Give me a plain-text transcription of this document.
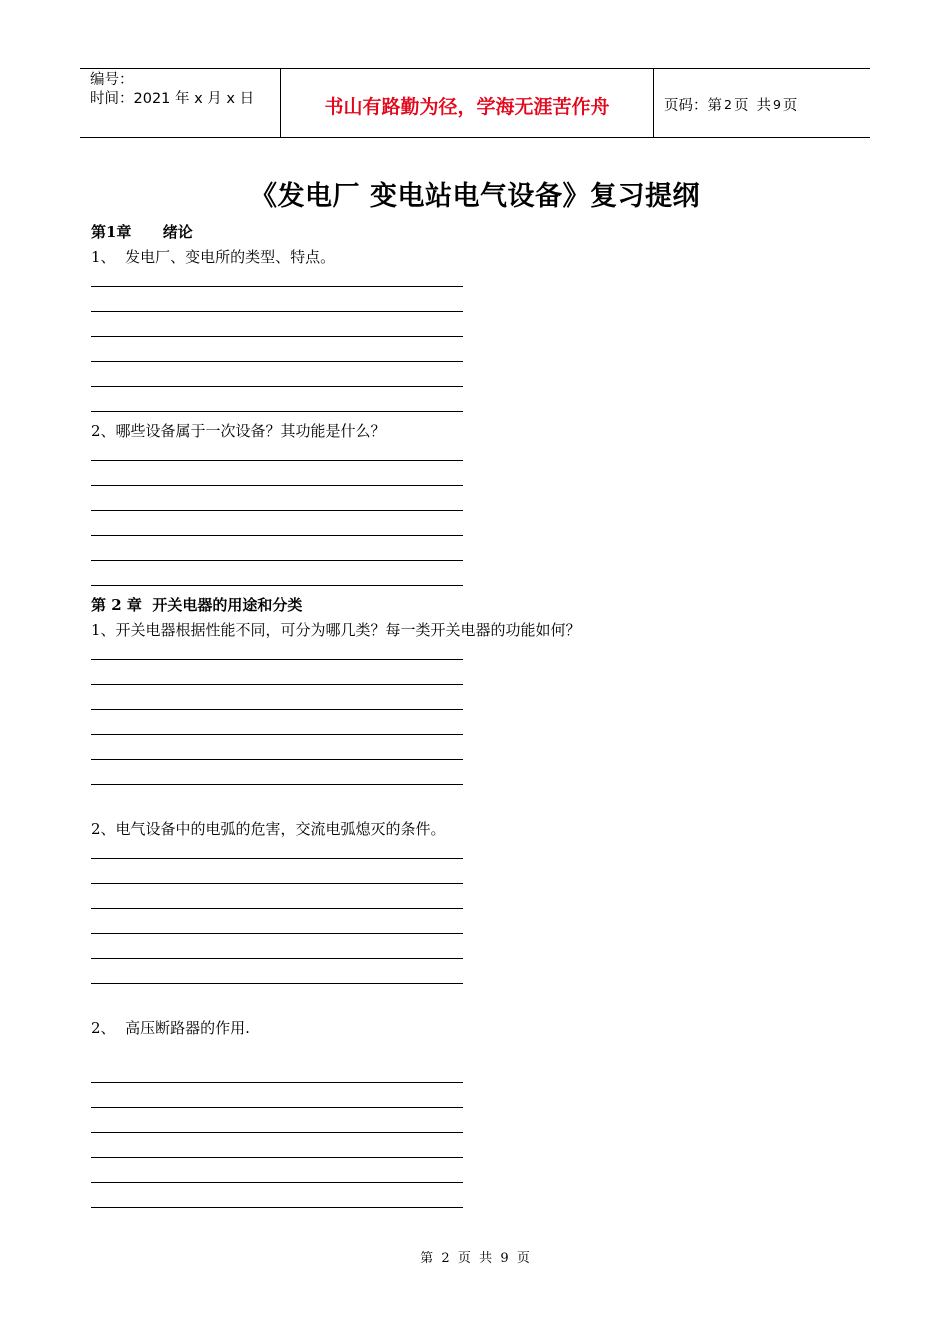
编号：
时间：2021 年 x 月 x 日	书山有路勤为径，学海无涯苦作舟	页码：第 2 页 共 9 页
《发电厂 变电站电气设备》复习提纲
第1章      绪论
1、  发电厂、变电所的类型、特点。
2、哪些设备属于一次设备？其功能是什么？
第 2 章  开关电器的用途和分类
1、开关电器根据性能不同，可分为哪几类？每一类开关电器的功能如何？
2、电气设备中的电弧的危害，交流电弧熄灭的条件。
2、  高压断路器的作用.
第  2  页  共  9  页
